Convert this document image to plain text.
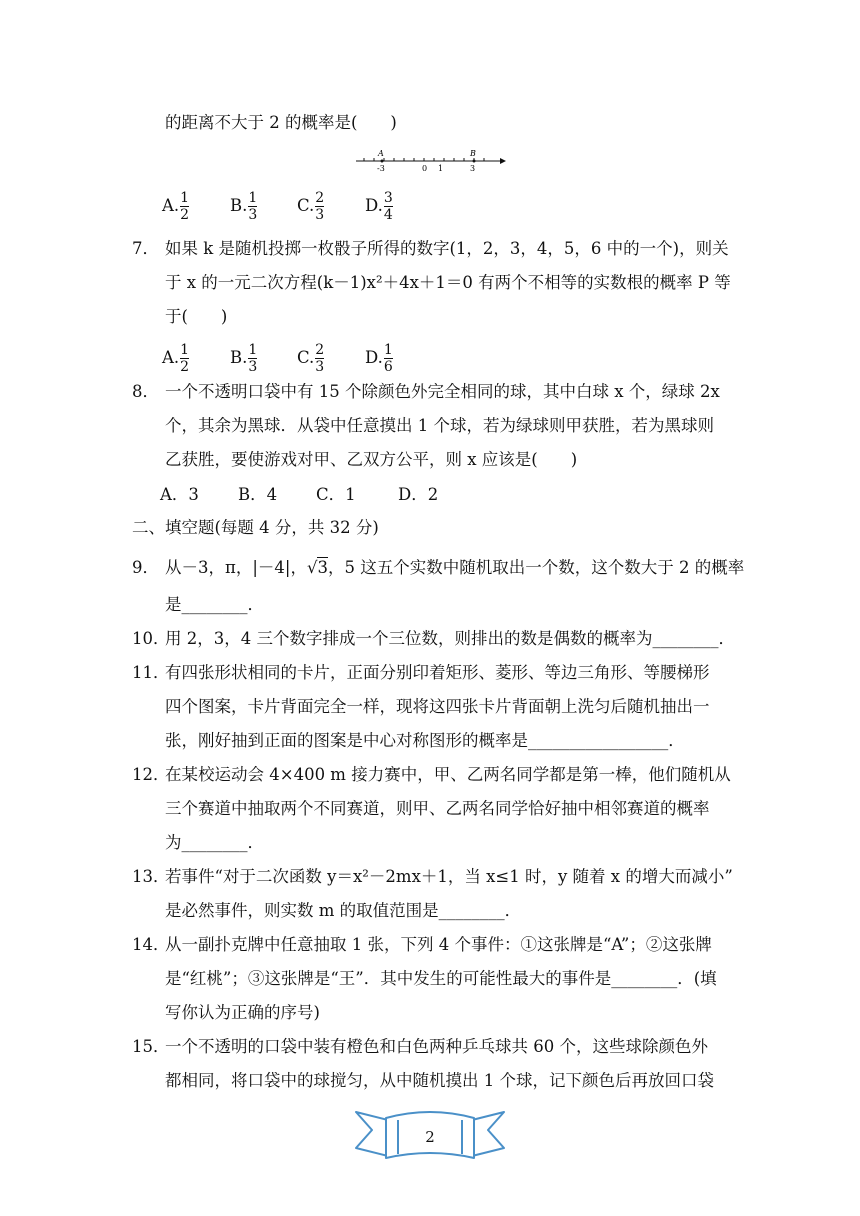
的距离不大于 2 的概率是(　　)
A	B
-3	0 1	3
A. $\frac{1}{2} B$. $\frac{1}{3} C$. $\frac{2}{3} D$. $\frac{3}{4}$
7． 如果 k 是随机投掷一枚骰子所得的数字(1，2，3，4，5，6 中的一个)，则关
于 x 的一元二次方程(k－1)x²＋4x＋1＝0 有两个不相等的实数根的概率 P 等
于(　　)
A. $\frac{1}{2} B$. $\frac{1}{3} C$. $\frac{2}{3} D$. $\frac{1}{6}$
8． 一个不透明口袋中有 15 个除颜色外完全相同的球，其中白球 x 个，绿球 2x
个，其余为黑球．从袋中任意摸出 1 个球，若为绿球则甲获胜，若为黑球则
乙获胜，要使游戏对甲、乙双方公平，则 x 应该是(　　)
A．3 B．4 C．1	D．2
二、填空题(每题 4 分，共 32 分)
9． 从－3，π，|－4|，√3，5 这五个实数中随机取出一个数，这个数大于 2 的概率
是________．
10．
用 2，3，4 三个数字排成一个三位数，则排出的数是偶数的概率为________．
11．
有四张形状相同的卡片，正面分别印着矩形、菱形、等边三角形、等腰梯形
四个图案，卡片背面完全一样，现将这四张卡片背面朝上洗匀后随机抽出一
张，刚好抽到正面的图案是中心对称图形的概率是_________________．
12．
在某校运动会 4×400 m 接力赛中，甲、乙两名同学都是第一棒，他们随机从
三个赛道中抽取两个不同赛道，则甲、乙两名同学恰好抽中相邻赛道的概率
为________．
13．
若事件“对于二次函数 y＝x²－2mx＋1，当 x≤1 时，y 随着 x 的增大而减小”
是必然事件，则实数 m 的取值范围是________．
14．
从一副扑克牌中任意抽取 1 张，下列 4 个事件：①这张牌是“A”；②这张牌
是“红桃”；③这张牌是“王”．其中发生的可能性最大的事件是________．(填
写你认为正确的序号)
15．
一个不透明的口袋中装有橙色和白色两种乒乓球共 60 个，这些球除颜色外
都相同，将口袋中的球搅匀，从中随机摸出 1 个球，记下颜色后再放回口袋
2
